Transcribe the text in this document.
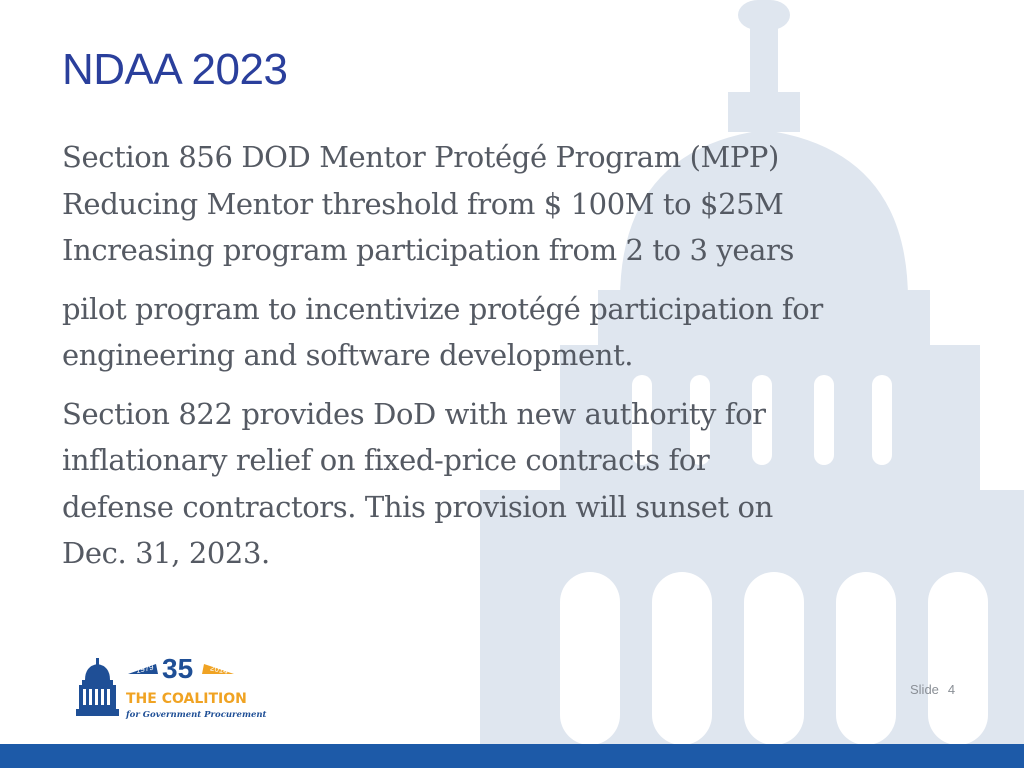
NDAA 2023

Section 856 DOD Mentor Protégé Program (MPP)
Reducing Mentor threshold from $ 100M to $25M
Increasing program participation from 2 to 3 years

pilot program to incentivize protégé participation for
engineering and software development.

Section 822 provides DoD with new authority for
inflationary relief on fixed-price contracts for
defense contractors. This provision will sunset on
Dec. 31, 2023.

1979	2014
35
THE COALITION
for Government Procurement
Slide 4
